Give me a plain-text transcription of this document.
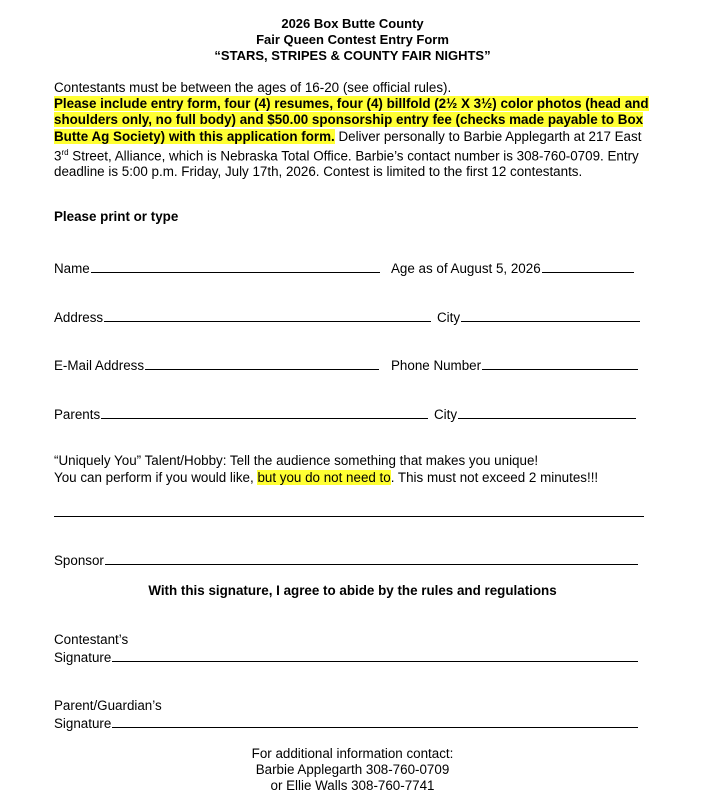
2026 Box Butte County
Fair Queen Contest Entry Form
“STARS, STRIPES & COUNTY FAIR NIGHTS”
Contestants must be between the ages of 16-20 (see official rules).
Please include entry form, four (4) resumes, four (4) billfold (2½ X 3½) color photos (head and shoulders only, no full body) and $50.00 sponsorship entry fee (checks made payable to Box Butte Ag Society) with this application form. Deliver personally to Barbie Applegarth at 217 East 3rd Street, Alliance, which is Nebraska Total Office. Barbie’s contact number is 308-760-0709. Entry deadline is 5:00 p.m. Friday, July 17th, 2026. Contest is limited to the first 12 contestants.
Please print or type
Name	Age as of August 5, 2026
Address	City
E-Mail Address	Phone Number
Parents	City
“Uniquely You” Talent/Hobby: Tell the audience something that makes you unique!
You can perform if you would like, but you do not need to. This must not exceed 2 minutes!!!
Sponsor
With this signature, I agree to abide by the rules and regulations
Contestant’s
Signature
Parent/Guardian’s
Signature
For additional information contact:
Barbie Applegarth 308-760-0709
or Ellie Walls 308-760-7741
